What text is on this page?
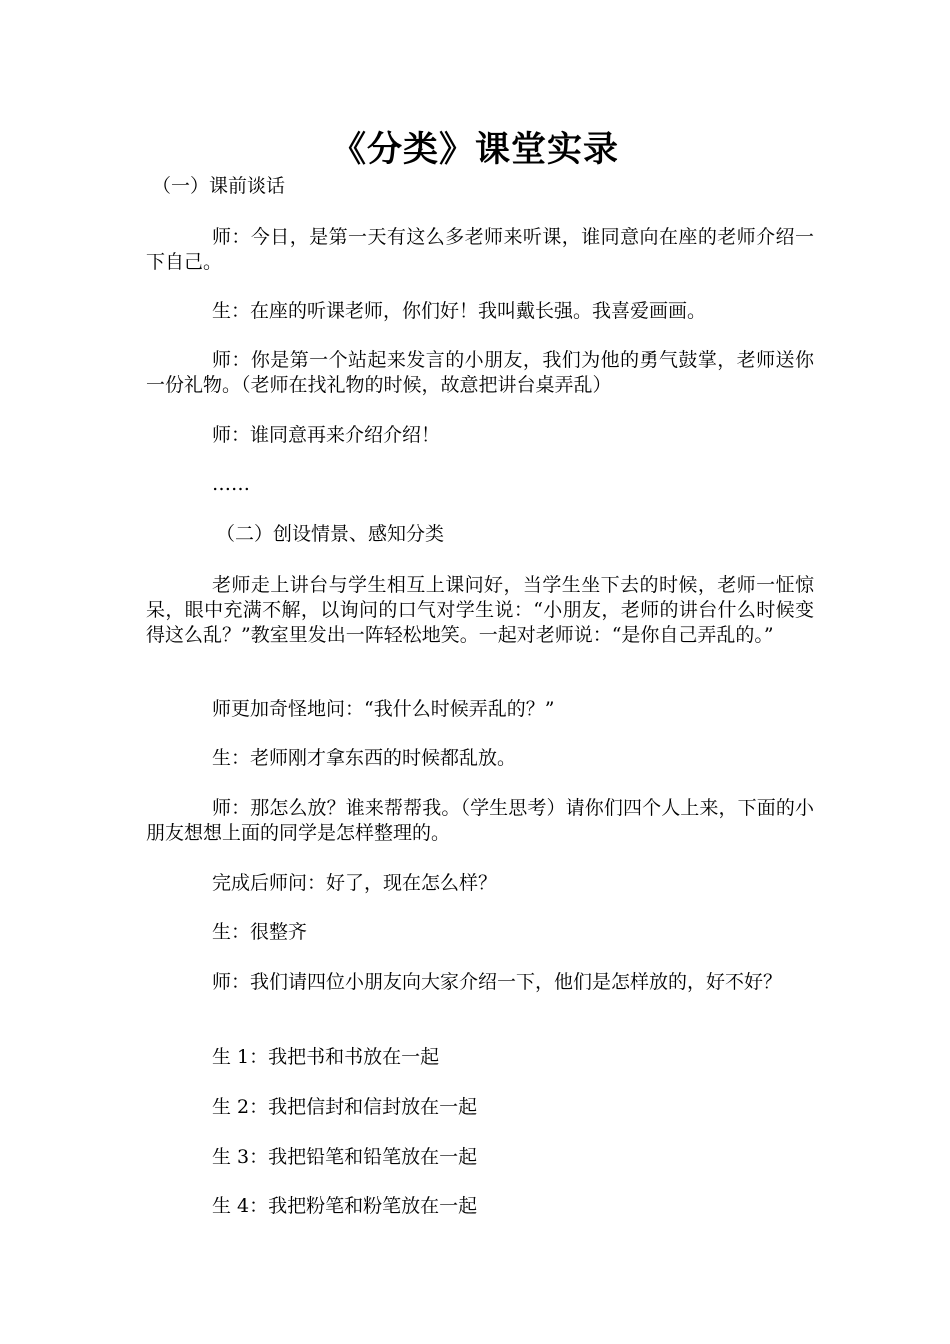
《分类》课堂实录
（一）课前谈话

师：今日，是第一天有这么多老师来听课，谁同意向在座的老师介绍一下自己。

生：在座的听课老师，你们好！我叫戴长强。我喜爱画画。

师：你是第一个站起来发言的小朋友，我们为他的勇气鼓掌，老师送你一份礼物。（老师在找礼物的时候，故意把讲台桌弄乱）

师：谁同意再来介绍介绍！

……

（二）创设情景、感知分类

老师走上讲台与学生相互上课问好，当学生坐下去的时候，老师一怔惊呆，眼中充满不解，以询问的口气对学生说：“小朋友，老师的讲台什么时候变得这么乱？”教室里发出一阵轻松地笑。一起对老师说：“是你自己弄乱的。”

师更加奇怪地问：“我什么时候弄乱的？”

生：老师刚才拿东西的时候都乱放。

师：那怎么放？谁来帮帮我。（学生思考）请你们四个人上来，下面的小朋友想想上面的同学是怎样整理的。

完成后师问：好了，现在怎么样？

生：很整齐

师：我们请四位小朋友向大家介绍一下，他们是怎样放的，好不好？

生 1：我把书和书放在一起

生 2：我把信封和信封放在一起

生 3：我把铅笔和铅笔放在一起

生 4：我把粉笔和粉笔放在一起
